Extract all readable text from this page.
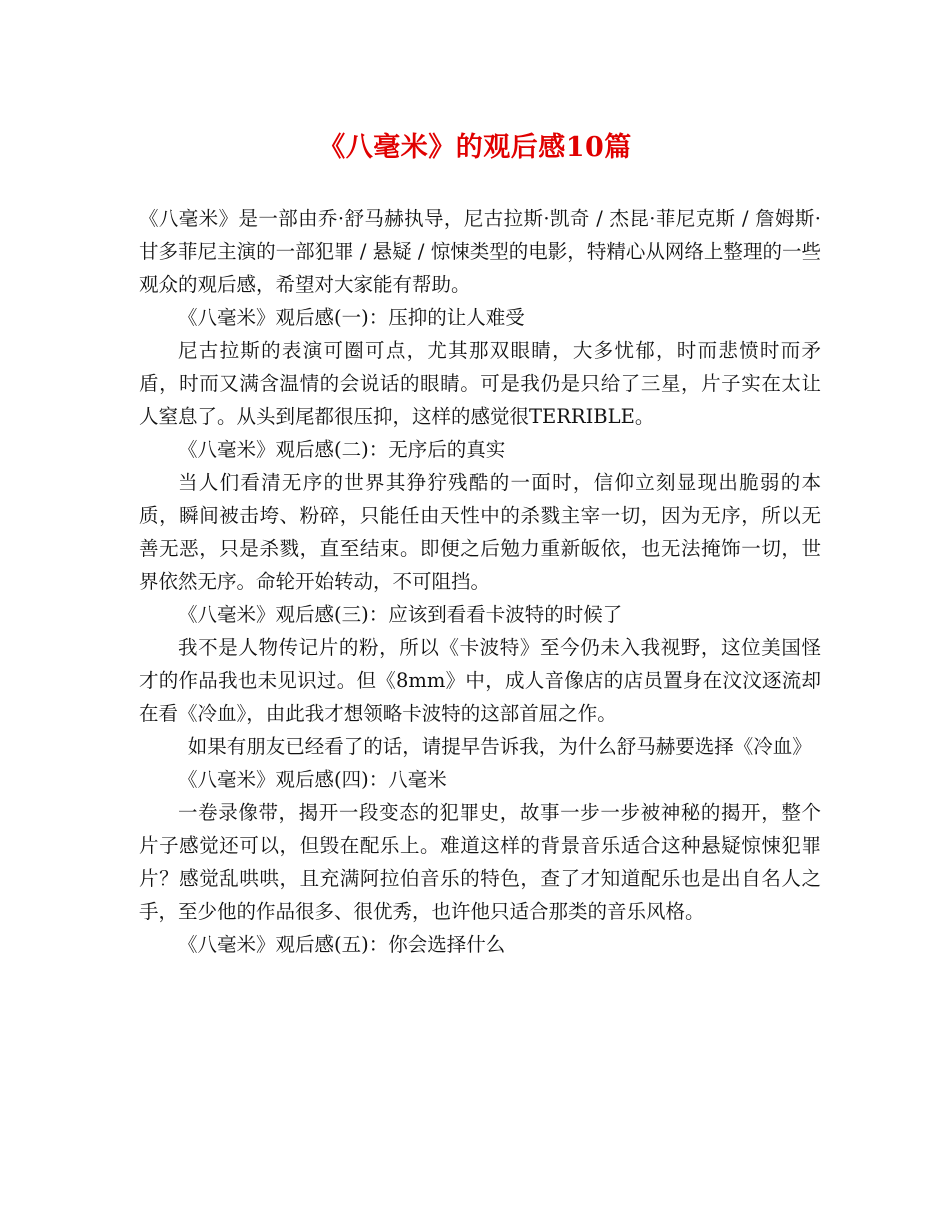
《八毫米》的观后感10篇

《八毫米》是一部由乔·舒马赫执导，尼古拉斯·凯奇 / 杰昆·菲尼克斯 / 詹姆斯·甘多菲尼主演的一部犯罪 / 悬疑 / 惊悚类型的电影，特精心从网络上整理的一些观众的观后感，希望对大家能有帮助。

《八毫米》观后感(一)：压抑的让人难受

尼古拉斯的表演可圈可点，尤其那双眼睛，大多忧郁，时而悲愤时而矛盾，时而又满含温情的会说话的眼睛。可是我仍是只给了三星，片子实在太让人窒息了。从头到尾都很压抑，这样的感觉很TERRIBLE。

《八毫米》观后感(二)：无序后的真实

当人们看清无序的世界其狰狞残酷的一面时，信仰立刻显现出脆弱的本质，瞬间被击垮、粉碎，只能任由天性中的杀戮主宰一切，因为无序，所以无善无恶，只是杀戮，直至结束。即便之后勉力重新皈依，也无法掩饰一切，世界依然无序。命轮开始转动，不可阻挡。

《八毫米》观后感(三)：应该到看看卡波特的时候了

我不是人物传记片的粉，所以《卡波特》至今仍未入我视野，这位美国怪才的作品我也未见识过。但《8mm》中，成人音像店的店员置身在汶汶逐流却在看《冷血》，由此我才想领略卡波特的这部首屈之作。

如果有朋友已经看了的话，请提早告诉我，为什么舒马赫要选择《冷血》

《八毫米》观后感(四)：八毫米

一卷录像带，揭开一段变态的犯罪史，故事一步一步被神秘的揭开，整个片子感觉还可以，但毁在配乐上。难道这样的背景音乐适合这种悬疑惊悚犯罪片？感觉乱哄哄，且充满阿拉伯音乐的特色，查了才知道配乐也是出自名人之手，至少他的作品很多、很优秀，也许他只适合那类的音乐风格。

《八毫米》观后感(五)：你会选择什么
